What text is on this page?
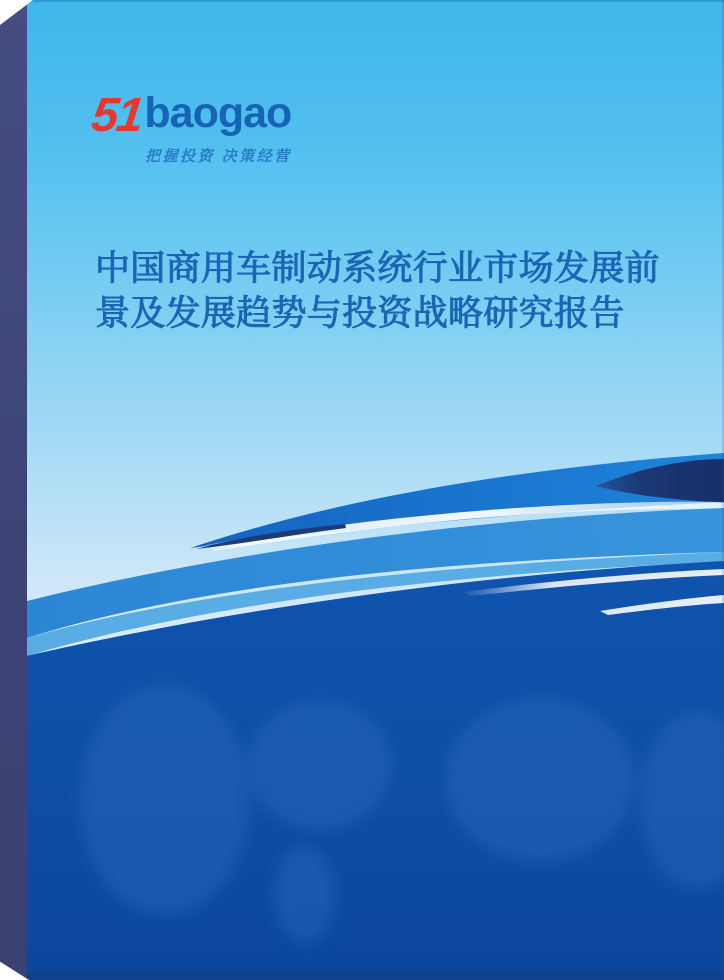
51 baogao
把握投资 决策经营
中国商用车制动系统行业市场发展前
景及发展趋势与投资战略研究报告
